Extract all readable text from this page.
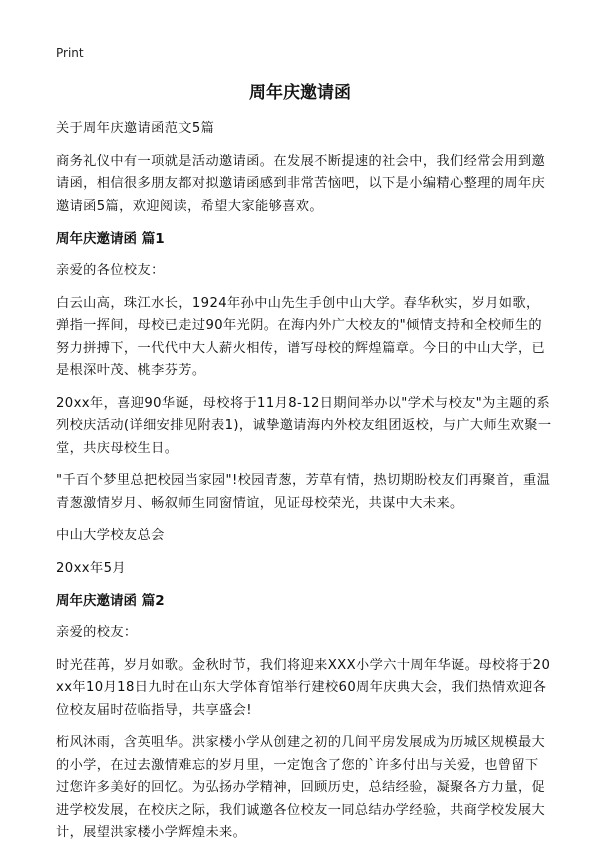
Print
周年庆邀请函

关于周年庆邀请函范文5篇

商务礼仪中有一项就是活动邀请函。在发展不断提速的社会中，我们经常会用到邀请函，相信很多朋友都对拟邀请函感到非常苦恼吧，以下是小编精心整理的周年庆邀请函5篇，欢迎阅读，希望大家能够喜欢。

周年庆邀请函 篇1

亲爱的各位校友：

白云山高，珠江水长，1924年孙中山先生手创中山大学。春华秋实，岁月如歌，弹指一挥间，母校已走过90年光阴。在海内外广大校友的"倾情支持和全校师生的努力拼搏下，一代代中大人薪火相传，谱写母校的辉煌篇章。今日的中山大学，已是根深叶茂、桃李芬芳。

20xx年，喜迎90华诞，母校将于11月8-12日期间举办以"学术与校友"为主题的系列校庆活动(详细安排见附表1)，诚挚邀请海内外校友组团返校，与广大师生欢聚一堂，共庆母校生日。

"千百个梦里总把校园当家园"!校园青葱，芳草有情，热切期盼校友们再聚首，重温青葱激情岁月、畅叙师生同窗情谊，见证母校荣光，共谋中大未来。

中山大学校友总会

20xx年5月

周年庆邀请函 篇2

亲爱的校友：

时光荏苒，岁月如歌。金秋时节，我们将迎来XXX小学六十周年华诞。母校将于20xx年10月18日九时在山东大学体育馆举行建校60周年庆典大会，我们热情欢迎各位校友届时莅临指导，共享盛会!

桁风沐雨，含英咀华。洪家楼小学从创建之初的几间平房发展成为历城区规模最大的小学，在过去激情难忘的岁月里，一定饱含了您的`许多付出与关爱，也曾留下过您许多美好的回忆。为弘扬办学精神，回顾历史，总结经验，凝聚各方力量，促进学校发展，在校庆之际，我们诚邀各位校友一同总结办学经验，共商学校发展大计，展望洪家楼小学辉煌未来。
